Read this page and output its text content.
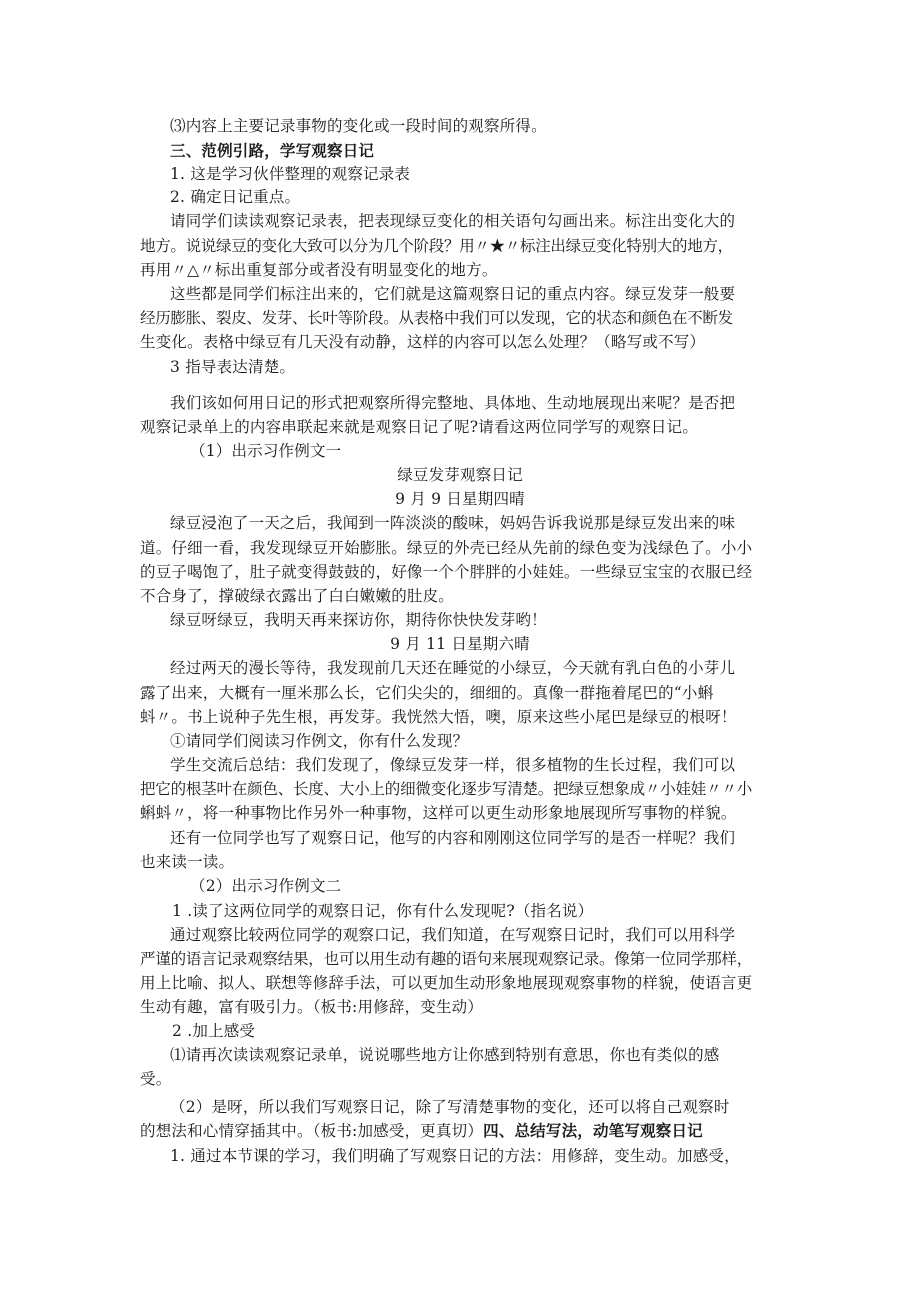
⑶内容上主要记录事物的变化或一段时间的观察所得。
三、范例引路，学写观察日记
1. 这是学习伙伴整理的观察记录表
2. 确定日记重点。
请同学们读读观察记录表，把表现绿豆变化的相关语句勾画出来。标注出变化大的
地方。说说绿豆的变化大致可以分为几个阶段？用〃★〃标注出绿豆变化特别大的地方，
再用〃△〃标出重复部分或者没有明显变化的地方。
这些都是同学们标注出来的，它们就是这篇观察日记的重点内容。绿豆发芽一般要
经历膨胀、裂皮、发芽、长叶等阶段。从表格中我们可以发现，它的状态和颜色在不断发
生变化。表格中绿豆有几天没有动静，这样的内容可以怎么处理？（略写或不写）
3 指导表达清楚。
我们该如何用日记的形式把观察所得完整地、具体地、生动地展现出来呢？是否把
观察记录单上的内容串联起来就是观察日记了呢?请看这两位同学写的观察日记。
（1）出示习作例文一
绿豆发芽观察日记
9 月 9 日星期四晴
绿豆浸泡了一天之后，我闻到一阵淡淡的酸味，妈妈告诉我说那是绿豆发出来的味
道。仔细一看，我发现绿豆开始膨胀。绿豆的外壳已经从先前的绿色变为浅绿色了。小小
的豆子喝饱了，肚子就变得鼓鼓的，好像一个个胖胖的小娃娃。一些绿豆宝宝的衣服已经
不合身了，撑破绿衣露出了白白嫩嫩的肚皮。
绿豆呀绿豆，我明天再来探访你，期待你快快发芽哟！
9 月 11 日星期六晴
经过两天的漫长等待，我发现前几天还在睡觉的小绿豆，今天就有乳白色的小芽儿
露了出来，大概有一厘米那么长，它们尖尖的，细细的。真像一群拖着尾巴的“小蝌
蚪〃。书上说种子先生根，再发芽。我恍然大悟，噢，原来这些小尾巴是绿豆的根呀！
①请同学们阅读习作例文，你有什么发现？
学生交流后总结：我们发现了，像绿豆发芽一样，很多植物的生长过程，我们可以
把它的根茎叶在颜色、长度、大小上的细微变化逐步写清楚。把绿豆想象成〃小娃娃〃〃小
蝌蚪〃，将一种事物比作另外一种事物，这样可以更生动形象地展现所写事物的样貌。
还有一位同学也写了观察日记，他写的内容和刚刚这位同学写的是否一样呢？我们
也来读一读。
（2）出示习作例文二
1 .读了这两位同学的观察日记，你有什么发现呢?（指名说）
通过观察比较两位同学的观察口记，我们知道，在写观察日记时，我们可以用科学
严谨的语言记录观察结果，也可以用生动有趣的语句来展现观察记录。像第一位同学那样，
用上比喻、拟人、联想等修辞手法，可以更加生动形象地展现观察事物的样貌，使语言更
生动有趣，富有吸引力。（板书:用修辞，变生动）
2 .加上感受
⑴请再次读读观察记录单，说说哪些地方让你感到特别有意思，你也有类似的感
受。
（2）是呀，所以我们写观察日记，除了写清楚事物的变化，还可以将自己观察时
的想法和心情穿插其中。（板书:加感受，更真切）四、总结写法，动笔写观察日记
1. 通过本节课的学习，我们明确了写观察日记的方法：用修辞，变生动。加感受，
